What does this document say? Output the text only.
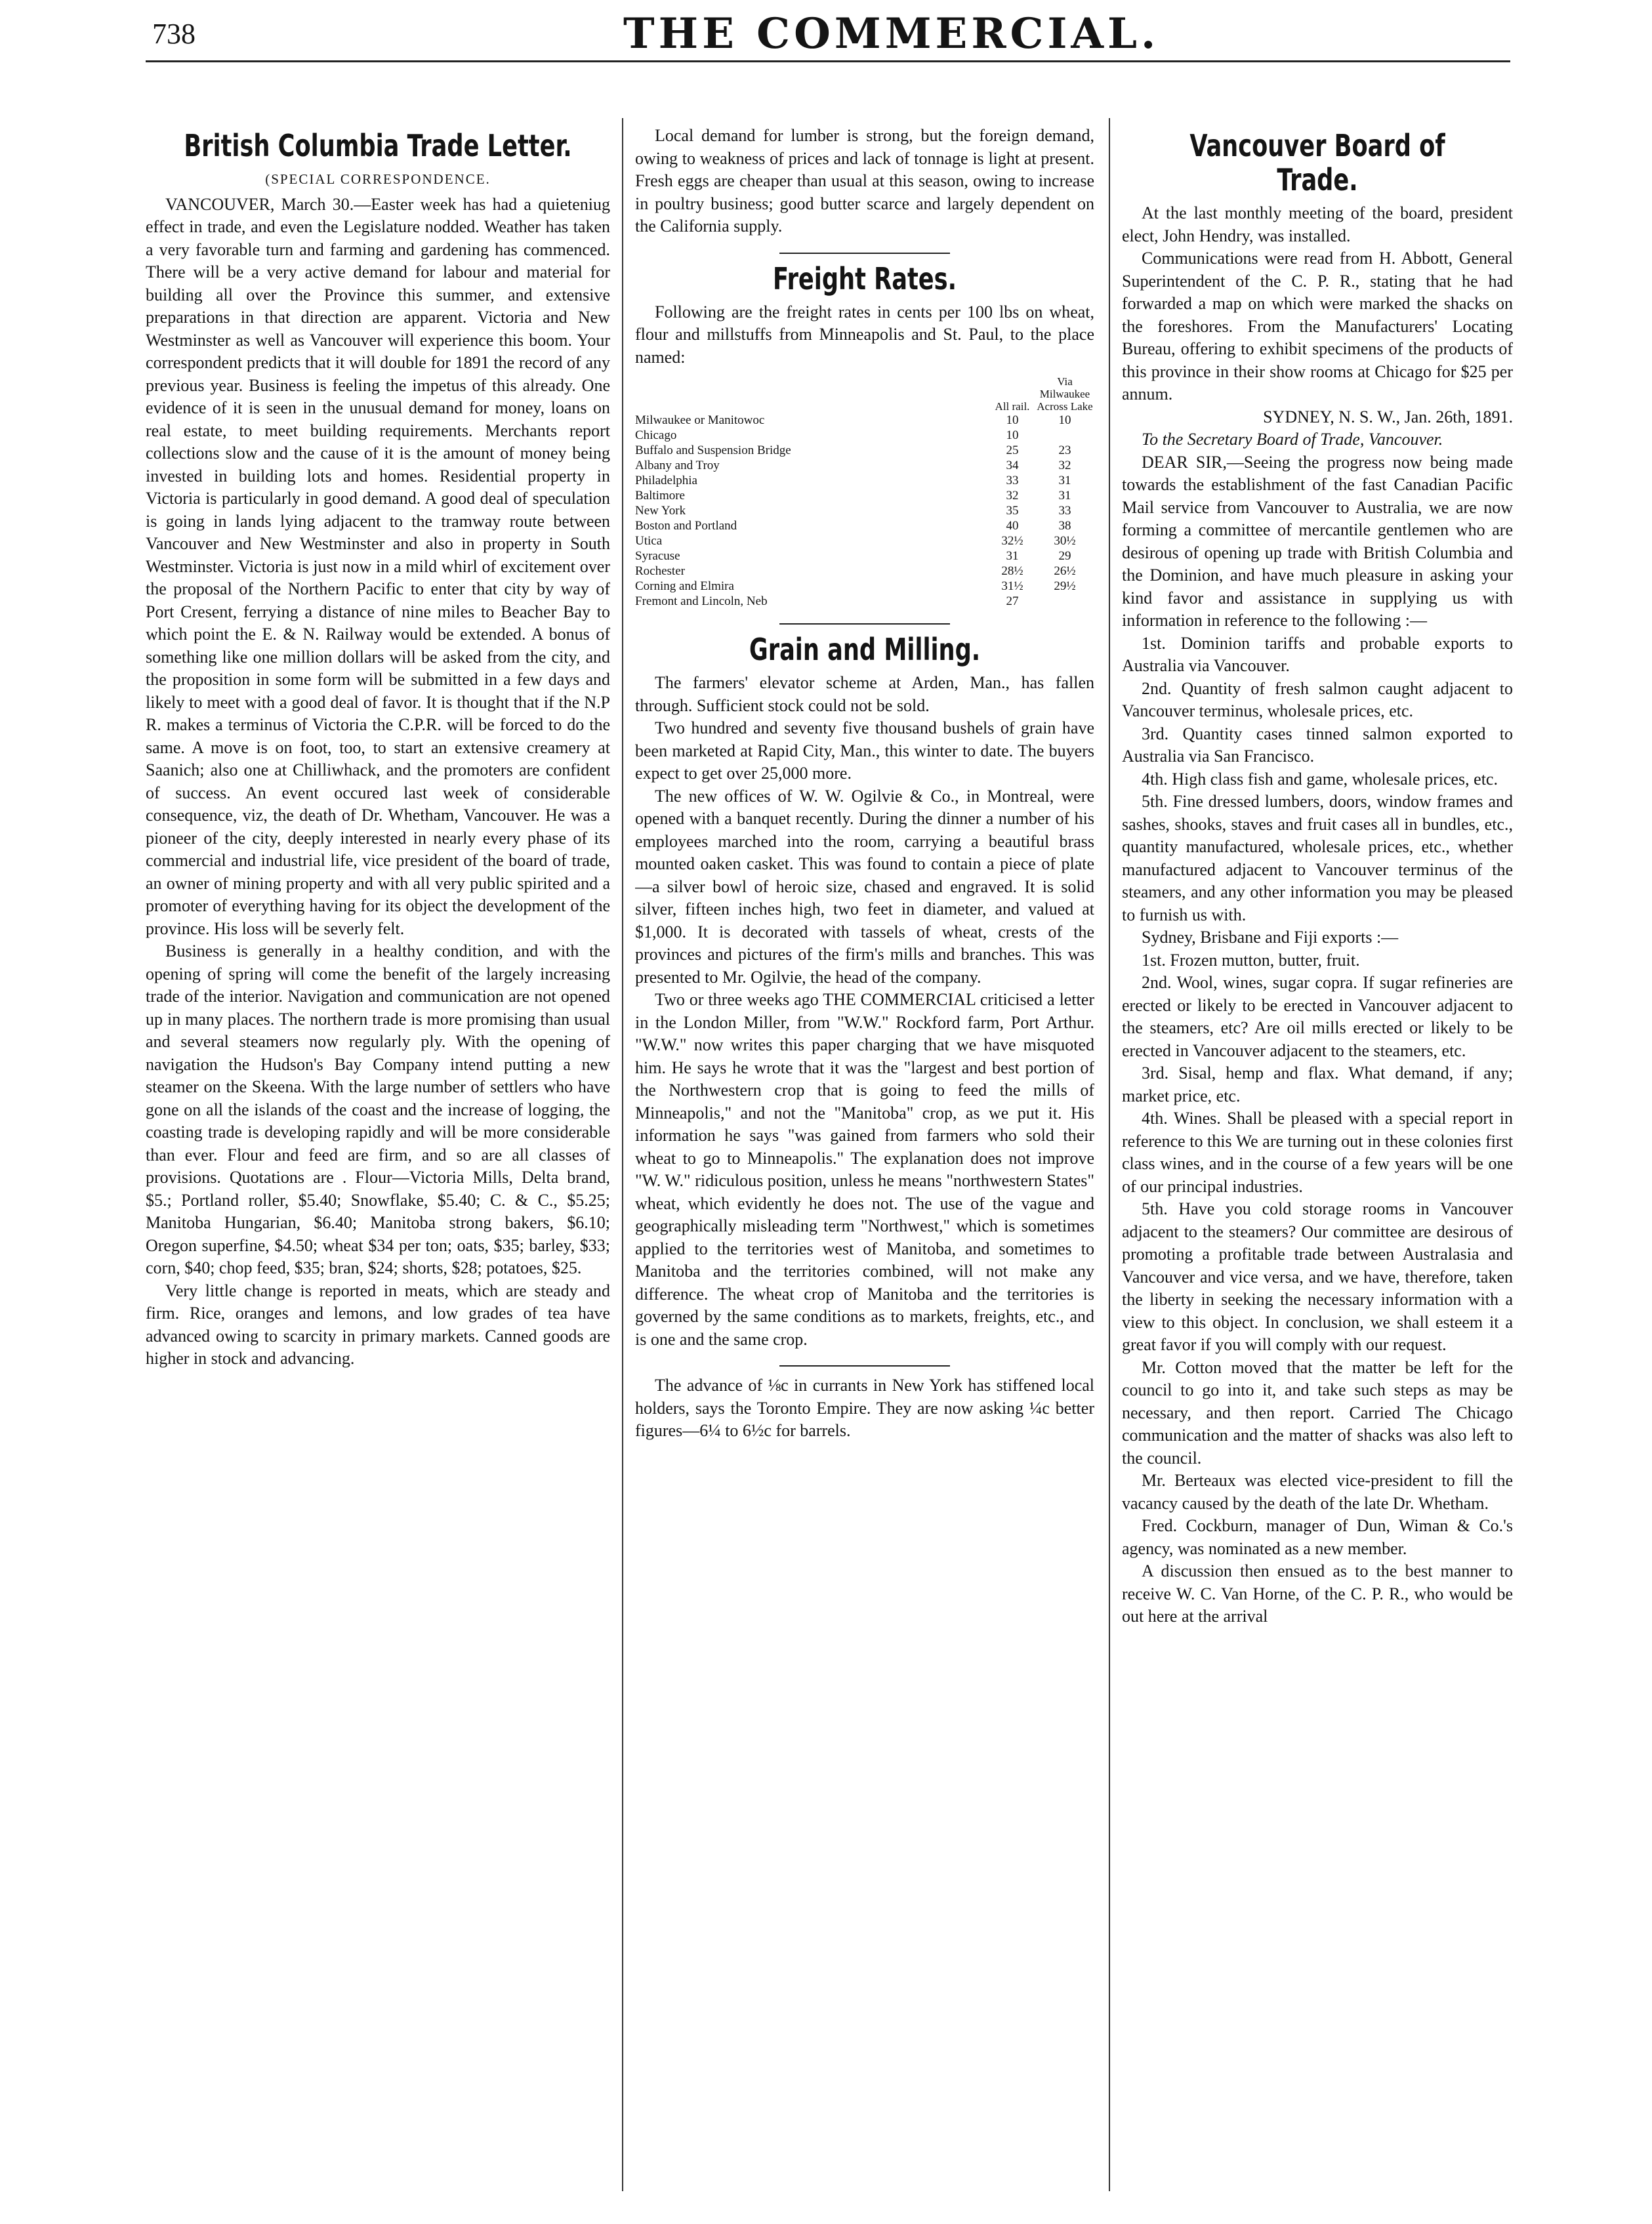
738	THE COMMERCIAL.
British Columbia Trade Letter.
(SPECIAL CORRESPONDENCE.

VANCOUVER, March 30.—Easter week has had a quieteniug effect in trade, and even the Legislature nodded. Weather has taken a very favorable turn and farming and gardening has commenced. There will be a very active demand for labour and material for building all over the Province this summer, and extensive preparations in that direction are apparent. Victoria and New Westminster as well as Vancouver will experience this boom. Your correspondent predicts that it will double for 1891 the record of any previous year. Business is feeling the impetus of this already. One evidence of it is seen in the unusual demand for money, loans on real estate, to meet building requirements. Merchants report collections slow and the cause of it is the amount of money being invested in building lots and homes. Residential property in Victoria is particularly in good demand. A good deal of speculation is going in lands lying adjacent to the tramway route between Vancouver and New Westminster and also in property in South Westminster. Victoria is just now in a mild whirl of excitement over the proposal of the Northern Pacific to enter that city by way of Port Cresent, ferrying a distance of nine miles to Beacher Bay to which point the E. & N. Railway would be extended. A bonus of something like one million dollars will be asked from the city, and the proposition in some form will be submitted in a few days and likely to meet with a good deal of favor. It is thought that if the N.P R. makes a terminus of Victoria the C.P.R. will be forced to do the same. A move is on foot, too, to start an extensive creamery at Saanich; also one at Chilliwhack, and the promoters are confident of success. An event occured last week of considerable consequence, viz, the death of Dr. Whetham, Vancouver. He was a pioneer of the city, deeply interested in nearly every phase of its commercial and industrial life, vice president of the board of trade, an owner of mining property and with all very public spirited and a promoter of everything having for its object the development of the province. His loss will be severly felt.

Business is generally in a healthy condition, and with the opening of spring will come the benefit of the largely increasing trade of the interior. Navigation and communication are not opened up in many places. The northern trade is more promising than usual and several steamers now regularly ply. With the opening of navigation the Hudson's Bay Company intend putting a new steamer on the Skeena. With the large number of settlers who have gone on all the islands of the coast and the increase of logging, the coasting trade is developing rapidly and will be more considerable than ever. Flour and feed are firm, and so are all classes of provisions. Quotations are . Flour—Victoria Mills, Delta brand, $5.; Portland roller, $5.40; Snowflake, $5.40; C. & C., $5.25; Manitoba Hungarian, $6.40; Manitoba strong bakers, $6.10; Oregon superfine, $4.50; wheat $34 per ton; oats, $35; barley, $33; corn, $40; chop feed, $35; bran, $24; shorts, $28; potatoes, $25.

Very little change is reported in meats, which are steady and firm. Rice, oranges and lemons, and low grades of tea have advanced owing to scarcity in primary markets. Canned goods are higher in stock and advancing.

Local demand for lumber is strong, but the foreign demand, owing to weakness of prices and lack of tonnage is light at present. Fresh eggs are cheaper than usual at this season, owing to increase in poultry business; good butter scarce and largely dependent on the California supply.

Freight Rates.

Following are the freight rates in cents per 100 lbs on wheat, flour and millstuffs from Minneapolis and St. Paul, to the place named:

	All rail.	Via Milwaukee Across Lake
Milwaukee or Manitowoc	10	10
Chicago	10	
Buffalo and Suspension Bridge	25	23
Albany and Troy	34	32
Philadelphia	33	31
Baltimore	32	31
New York	35	33
Boston and Portland	40	38
Utica	32½	30½
Syracuse	31	29
Rochester	28½	26½
Corning and Elmira	31½	29½
Fremont and Lincoln, Neb	27	
Grain and Milling.

The farmers' elevator scheme at Arden, Man., has fallen through. Sufficient stock could not be sold.

Two hundred and seventy five thousand bushels of grain have been marketed at Rapid City, Man., this winter to date. The buyers expect to get over 25,000 more.

The new offices of W. W. Ogilvie & Co., in Montreal, were opened with a banquet recently. During the dinner a number of his employees marched into the room, carrying a beautiful brass mounted oaken casket. This was found to contain a piece of plate—a silver bowl of heroic size, chased and engraved. It is solid silver, fifteen inches high, two feet in diameter, and valued at $1,000. It is decorated with tassels of wheat, crests of the provinces and pictures of the firm's mills and branches. This was presented to Mr. Ogilvie, the head of the company.

Two or three weeks ago THE COMMERCIAL criticised a letter in the London Miller, from "W.W." Rockford farm, Port Arthur. "W.W." now writes this paper charging that we have misquoted him. He says he wrote that it was the "largest and best portion of the Northwestern crop that is going to feed the mills of Minneapolis," and not the "Manitoba" crop, as we put it. His information he says "was gained from farmers who sold their wheat to go to Minneapolis." The explanation does not improve "W. W." ridiculous position, unless he means "northwestern States" wheat, which evidently he does not. The use of the vague and geographically misleading term "Northwest," which is sometimes applied to the territories west of Manitoba, and sometimes to Manitoba and the territories combined, will not make any difference. The wheat crop of Manitoba and the territories is governed by the same conditions as to markets, freights, etc., and is one and the same crop.

The advance of ⅛c in currants in New York has stiffened local holders, says the Toronto Empire. They are now asking ¼c better figures—6¼ to 6½c for barrels.

Vancouver Board of Trade.

At the last monthly meeting of the board, president elect, John Hendry, was installed.

Communications were read from H. Abbott, General Superintendent of the C. P. R., stating that he had forwarded a map on which were marked the shacks on the foreshores. From the Manufacturers' Locating Bureau, offering to exhibit specimens of the products of this province in their show rooms at Chicago for $25 per annum.

SYDNEY, N. S. W., Jan. 26th, 1891.

To the Secretary Board of Trade, Vancouver.

DEAR SIR,—Seeing the progress now being made towards the establishment of the fast Canadian Pacific Mail service from Vancouver to Australia, we are now forming a committee of mercantile gentlemen who are desirous of opening up trade with British Columbia and the Dominion, and have much pleasure in asking your kind favor and assistance in supplying us with information in reference to the following :—

1st. Dominion tariffs and probable exports to Australia via Vancouver.

2nd. Quantity of fresh salmon caught adjacent to Vancouver terminus, wholesale prices, etc.

3rd. Quantity cases tinned salmon exported to Australia via San Francisco.

4th. High class fish and game, wholesale prices, etc.

5th. Fine dressed lumbers, doors, window frames and sashes, shooks, staves and fruit cases all in bundles, etc., quantity manufactured, wholesale prices, etc., whether manufactured adjacent to Vancouver terminus of the steamers, and any other information you may be pleased to furnish us with.

Sydney, Brisbane and Fiji exports :—

1st. Frozen mutton, butter, fruit.

2nd. Wool, wines, sugar copra. If sugar refineries are erected or likely to be erected in Vancouver adjacent to the steamers, etc? Are oil mills erected or likely to be erected in Vancouver adjacent to the steamers, etc.

3rd. Sisal, hemp and flax. What demand, if any; market price, etc.

4th. Wines. Shall be pleased with a special report in reference to this We are turning out in these colonies first class wines, and in the course of a few years will be one of our principal industries.

5th. Have you cold storage rooms in Vancouver adjacent to the steamers? Our committee are desirous of promoting a profitable trade between Australasia and Vancouver and vice versa, and we have, therefore, taken the liberty in seeking the necessary information with a view to this object. In conclusion, we shall esteem it a great favor if you will comply with our request.

Mr. Cotton moved that the matter be left for the council to go into it, and take such steps as may be necessary, and then report. Carried The Chicago communication and the matter of shacks was also left to the council.

Mr. Berteaux was elected vice-president to fill the vacancy caused by the death of the late Dr. Whetham.

Fred. Cockburn, manager of Dun, Wiman & Co.'s agency, was nominated as a new member.

A discussion then ensued as to the best manner to receive W. C. Van Horne, of the C. P. R., who would be out here at the arrival
